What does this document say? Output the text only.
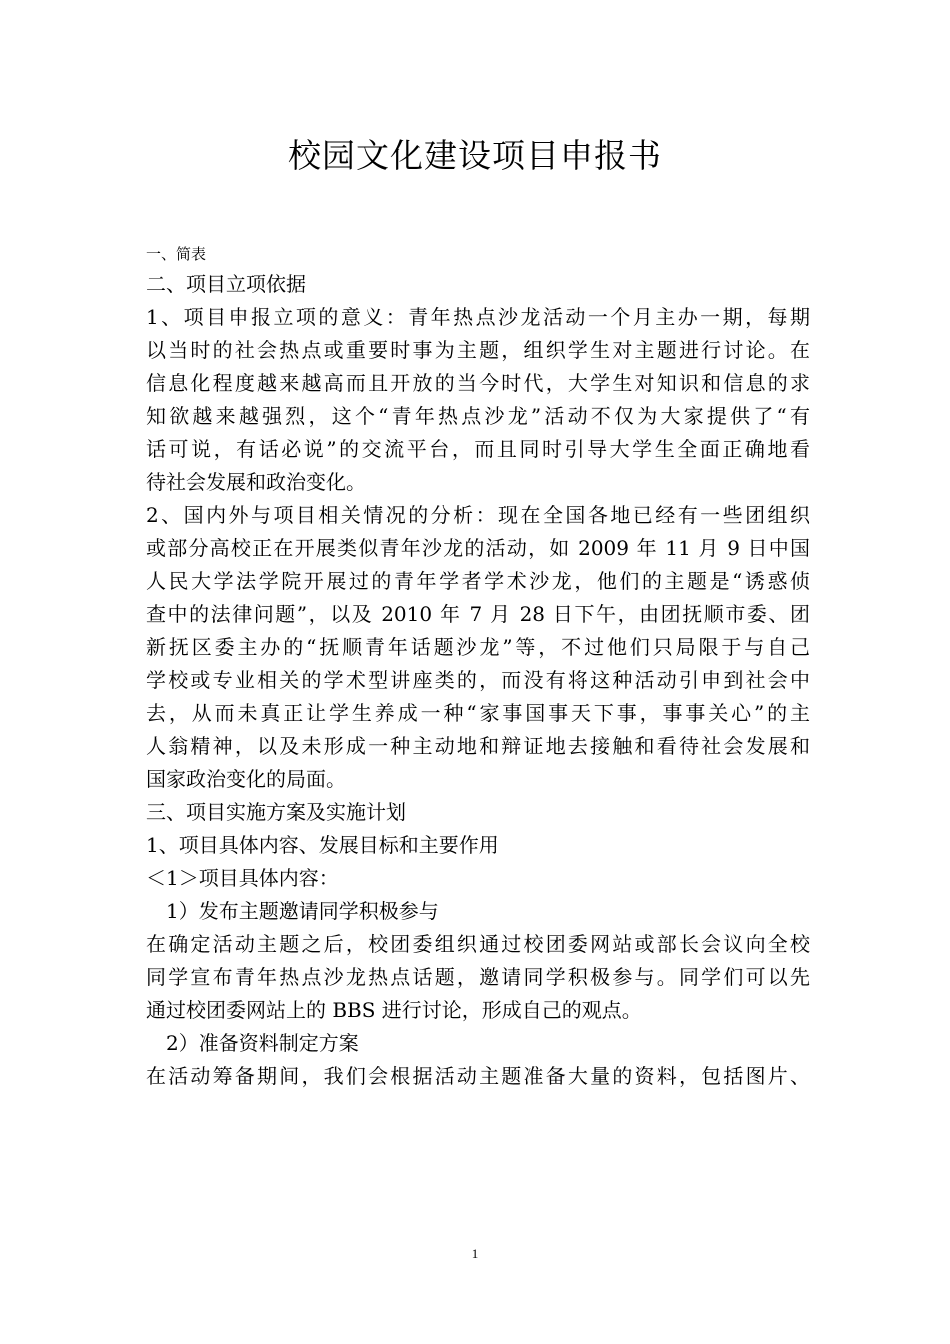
校园文化建设项目申报书
一、简表
二、项目立项依据
1、项目申报立项的意义：青年热点沙龙活动一个月主办一期，每期
以当时的社会热点或重要时事为主题，组织学生对主题进行讨论。在
信息化程度越来越高而且开放的当今时代，大学生对知识和信息的求
知欲越来越强烈，这个“青年热点沙龙”活动不仅为大家提供了“有
话可说，有话必说”的交流平台，而且同时引导大学生全面正确地看
待社会发展和政治变化。
2、国内外与项目相关情况的分析：现在全国各地已经有一些团组织
或部分高校正在开展类似青年沙龙的活动，如 2009 年 11 月 9 日中国
人民大学法学院开展过的青年学者学术沙龙，他们的主题是“诱惑侦
查中的法律问题”，以及 2010 年 7 月 28 日下午，由团抚顺市委、团
新抚区委主办的“抚顺青年话题沙龙”等，不过他们只局限于与自己
学校或专业相关的学术型讲座类的，而没有将这种活动引申到社会中
去，从而未真正让学生养成一种“家事国事天下事，事事关心”的主
人翁精神，以及未形成一种主动地和辩证地去接触和看待社会发展和
国家政治变化的局面。
三、项目实施方案及实施计划
1、项目具体内容、发展目标和主要作用
＜1＞项目具体内容：
1）发布主题邀请同学积极参与
在确定活动主题之后，校团委组织通过校团委网站或部长会议向全校
同学宣布青年热点沙龙热点话题，邀请同学积极参与。同学们可以先
通过校团委网站上的 BBS 进行讨论，形成自己的观点。
2）准备资料制定方案
在活动筹备期间，我们会根据活动主题准备大量的资料，包括图片、
1
